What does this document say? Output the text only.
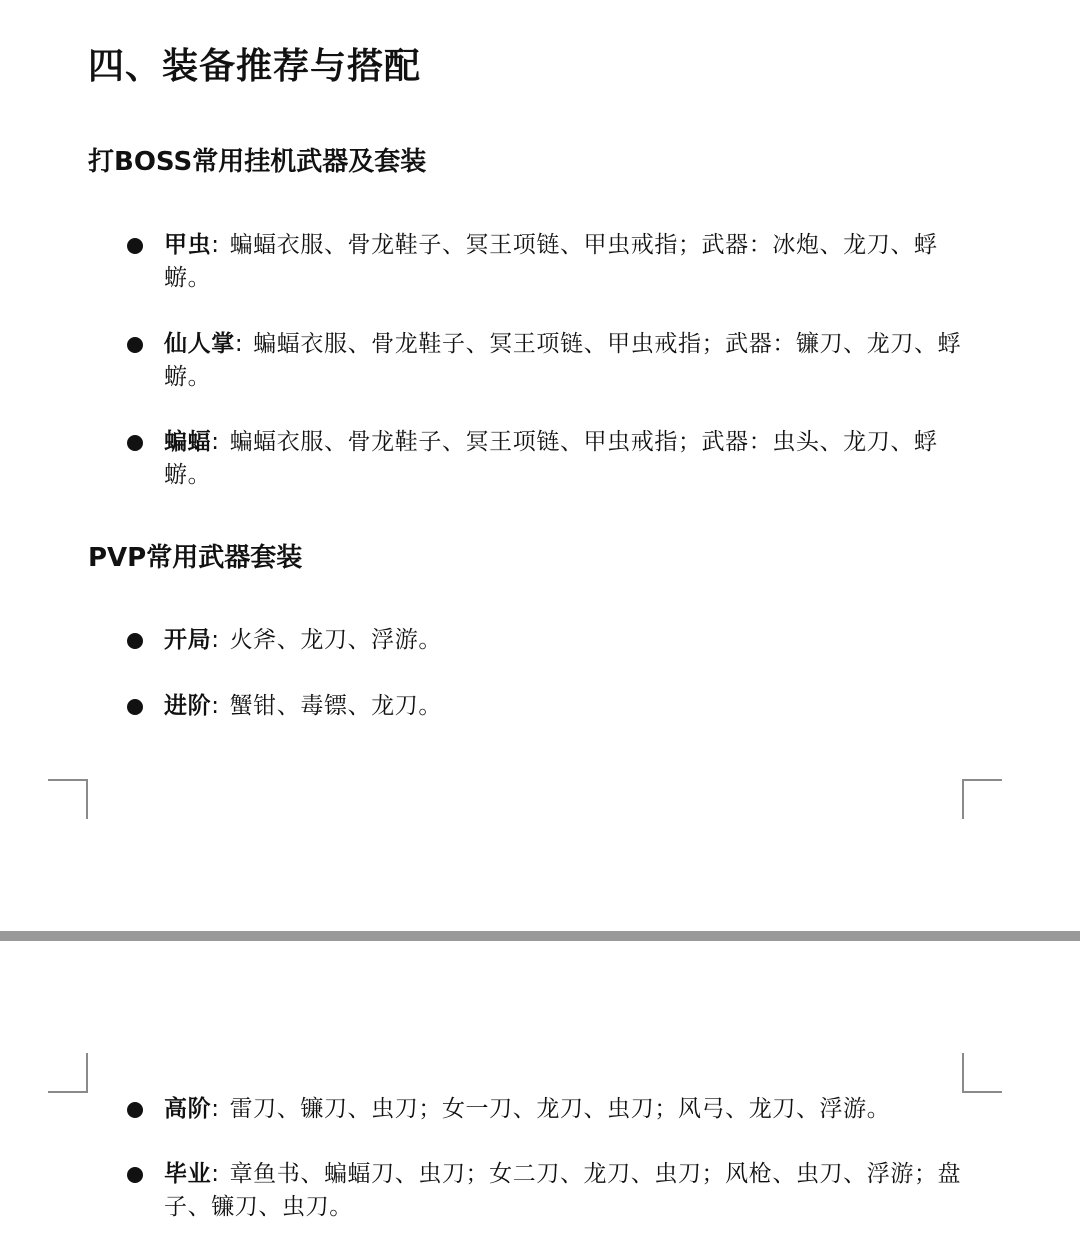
四、装备推荐与搭配
打BOSS常用挂机武器及套装
甲虫: 蝙蝠衣服、骨龙鞋子、冥王项链、甲虫戒指；武器：冰炮、龙刀、蜉蝣。
仙人掌: 蝙蝠衣服、骨龙鞋子、冥王项链、甲虫戒指；武器：镰刀、龙刀、蜉蝣。
蝙蝠: 蝙蝠衣服、骨龙鞋子、冥王项链、甲虫戒指；武器：虫头、龙刀、蜉蝣。
PVP常用武器套装
开局: 火斧、龙刀、浮游。
进阶: 蟹钳、毒镖、龙刀。
高阶: 雷刀、镰刀、虫刀；女一刀、龙刀、虫刀；风弓、龙刀、浮游。
毕业: 章鱼书、蝙蝠刀、虫刀；女二刀、龙刀、虫刀；风枪、虫刀、浮游；盘子、镰刀、虫刀。
